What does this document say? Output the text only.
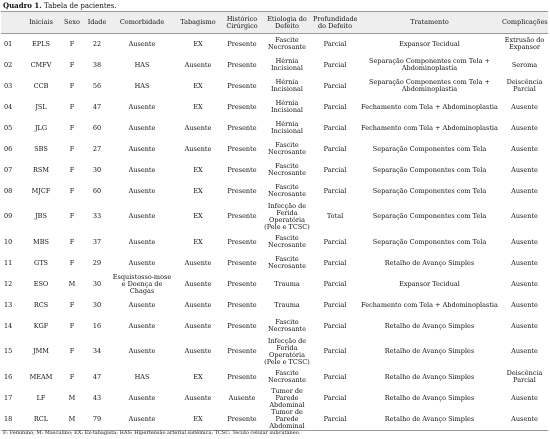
Quadro 1. Tabela de pacientes.
	Iniciais	Sexo	Idade	Comorbidade	Tabagismo	Histórico Cirúrgico	Etiologia do Defeito	Profundidade do Defeito	Tratamento	Complicações
01	EPLS	F	22	Ausente	EX	Presente	Fascite Necrosante	Parcial	Expansor Tecidual	Extrusão do Expansor
02	CMFV	F	38	HAS	Ausente	Presente	Hérnia Incisional	Parcial	Separação Componentes com Tela + Abdominoplastia	Seroma
03	CCB	F	56	HAS	EX	Presente	Hérnia Incisional	Parcial	Separação Componentes com Tela + Abdominoplastia	Deiscência Parcial
04	JSL	F	47	Ausente	EX	Presente	Hérnia Incisional	Parcial	Fechamento com Tela + Abdominoplastia	Ausente
05	JLG	F	60	Ausente	Ausente	Presente	Hérnia Incisional	Parcial	Fechamento com Tela + Abdominoplastia	Ausente
06	SBS	F	27	Ausente	Ausente	Presente	Fascite Necrosante	Parcial	Separação Componentes com Tela	Ausente
07	RSM	F	30	Ausente	EX	Presente	Fascite Necrosante	Parcial	Separação Componentes com Tela	Ausente
08	MJCF	F	60	Ausente	EX	Presente	Fascite Necrosante	Parcial	Separação Componentes com Tela	Ausente
09	JBS	F	33	Ausente	EX	Presente	Infecção de Ferida Operatória (Pele e TCSC)	Total	Separação Componentes com Tela	Ausente
10	MBS	F	37	Ausente	EX	Presente	Fascite Necrosante	Parcial	Separação Componentes com Tela	Ausente
11	GTS	F	29	Ausente	Ausente	Presente	Fascite Necrosante	Parcial	Retalho de Avanço Simples	Ausente
12	ESO	M	30	Esquistosso-mose e Doença de Chagas	Ausente	Presente	Trauma	Parcial	Expansor Tecidual	Ausente
13	RCS	F	30	Ausente	Ausente	Presente	Trauma	Parcial	Fechamento com Tela + Abdominoplastia	Ausente
14	KGF	F	16	Ausente	Ausente	Presente	Fascite Necrosante	Parcial	Retalho de Avanço Simples	Ausente
15	JMM	F	34	Ausente	Ausente	Presente	Infecção de Ferida Operatória (Pele e TCSC)	Parcial	Retalho de Avanço Simples	Ausente
16	MEAM	F	47	HAS	EX	Presente	Fascite Necrosante	Parcial	Retalho de Avanço Simples	Deiscência Parcial
17	LF	M	43	Ausente	Ausente	Ausente	Tumor de Parede Abdominal	Parcial	Retalho de Avanço Simples	Ausente
18	RCL	M	79	Ausente	EX	Presente	Tumor de Parede Abdominal	Parcial	Retalho de Avanço Simples	Ausente
F: Feminino; M: Masculino; EX: Ex-tabagista; HAS: Hipertensão arterial sistêmica; TCSC: Tecido celular subcutâneo.
